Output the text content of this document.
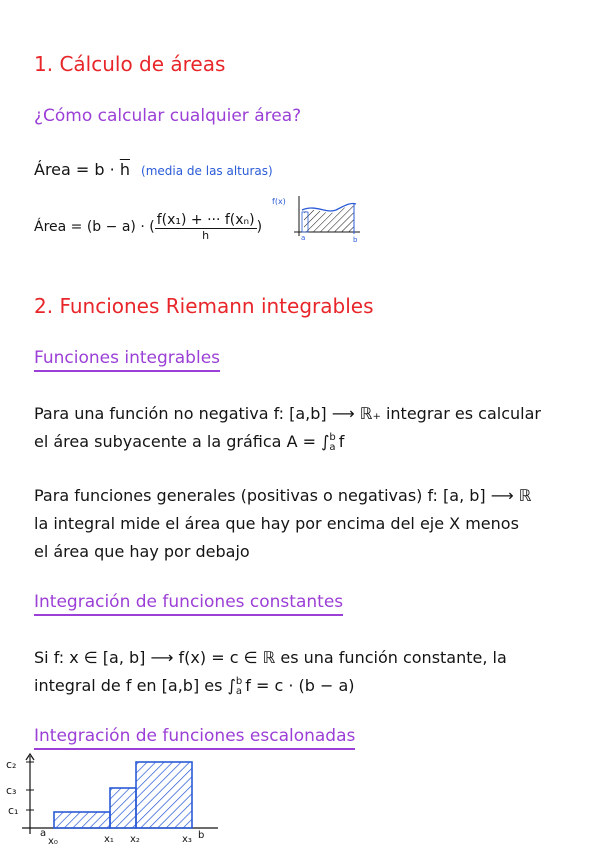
1. Cálculo de áreas
¿Cómo calcular cualquier área?
Área = $b \cdot \overline{h}$ (media de las alturas)
Área = (b − a) · ( $\frac{\text{f(x₁) + ··· f(xₙ)}}{h}$ )
f(x)
a	b
2. Funciones Riemann integrables
Funciones integrables
Para una función no negativa f: [a,b] ⟶ ℝ₊ integrar es calcular
el área subyacente a la gráfica A = ∫ b
a f
Para funciones generales (positivas o negativas) f: [a, b] ⟶ ℝ
la integral mide el área que hay por encima del eje X menos
el área que hay por debajo
Integración de funciones constantes
Si f: x ∈ [a, b] ⟶ f(x) = c ∈ ℝ es una función constante, la
integral de f en [a,b] es ∫ b
a f = c · (b − a)
Integración de funciones escalonadas
c₂
c₃
c₁
a
x₀	x₁ x₂	x₃ b
